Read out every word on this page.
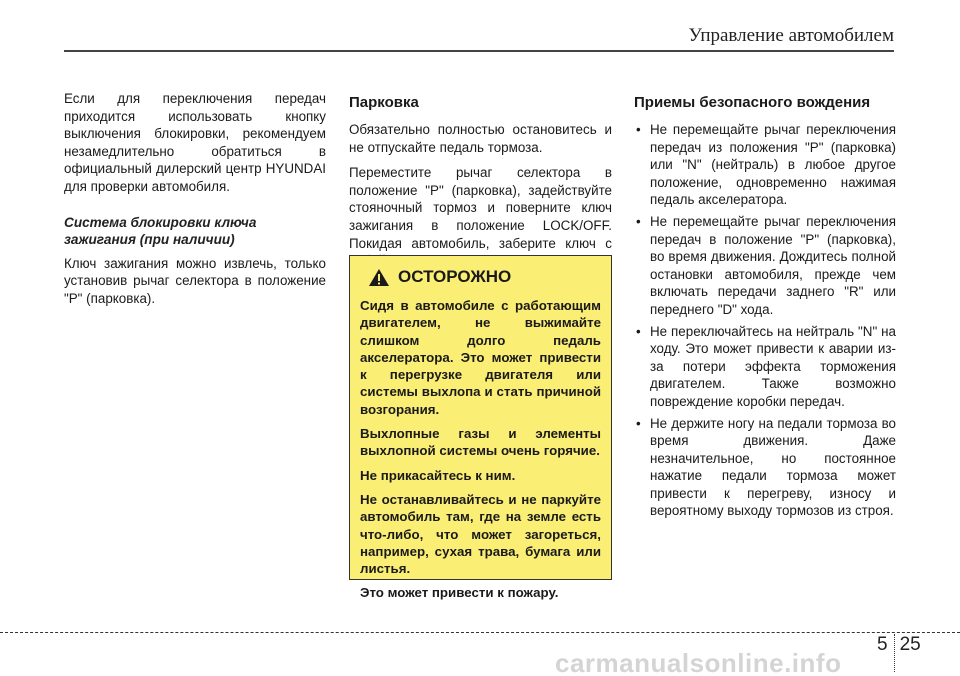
Управление автомобилем

Если для переключения передач приходится использовать кнопку выключения блокировки, рекомендуем незамедлительно обратиться в официальный дилерский центр HYUNDAI для проверки автомобиля.

Система блокировки ключа зажигания (при наличии)

Ключ зажигания можно извлечь, только установив рычаг селектора в положение "P" (парковка).

Парковка

Обязательно полностью остановитесь и не отпускайте педаль тормоза.

Переместите рычаг селектора в положение "P" (парковка), задействуйте стояночный тормоз и поверните ключ зажигания в положение LOCK/OFF. Покидая автомобиль, заберите ключ с

ОСТОРОЖНО

Сидя в автомобиле с работающим двигателем, не выжимайте слишком долго педаль акселератора. Это может привести к перегрузке двигателя или системы выхлопа и стать причиной возгорания.

Выхлопные газы и элементы выхлопной системы очень горячие.

Не прикасайтесь к ним.

Не останавливайтесь и не паркуйте автомобиль там, где на земле есть что-либо, что может загореться, например, сухая трава, бумага или листья.

Это может привести к пожару.

Приемы безопасного вождения
• Не перемещайте рычаг переключения передач из положения "P" (парковка) или "N" (нейтраль) в любое другое положение, одновременно нажимая педаль акселератора.
• Не перемещайте рычаг переключения передач в положение "P" (парковка), во время движения. Дождитесь полной остановки автомобиля, прежде чем включать передачи заднего "R" или переднего "D" хода.
• Не переключайтесь на нейтраль "N" на ходу. Это может привести к аварии из-за потери эффекта торможения двигателем. Также возможно повреждение коробки передач.
• Не держите ногу на педали тормоза во время движения. Даже незначительное, но постоянное нажатие педали тормоза может привести к перегреву, износу и вероятному выходу тормозов из строя.
5 25
carmanualsonline.info
